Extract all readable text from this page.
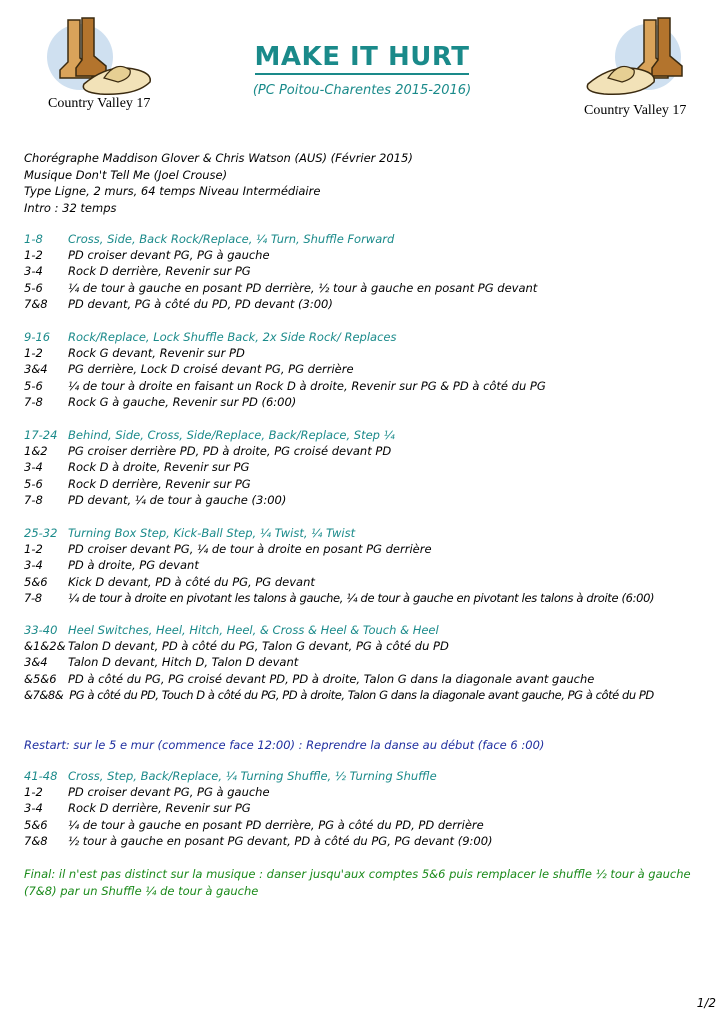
Country Valley 17	Country Valley 17
MAKE IT HURT
(PC Poitou-Charentes 2015-2016)
Chorégraphe Maddison Glover & Chris Watson (AUS) (Février 2015)
Musique Don't Tell Me (Joel Crouse)
Type Ligne, 2 murs, 64 temps Niveau Intermédiaire
Intro : 32 temps
1-8	Cross, Side, Back Rock/Replace, ¼ Turn, Shuffle Forward
1-2	PD croiser devant PG, PG à gauche
3-4	Rock D derrière, Revenir sur PG
5-6	¼ de tour à gauche en posant PD derrière, ½ tour à gauche en posant PG devant
7&8	PD devant, PG à côté du PD, PD devant (3:00)
9-16	Rock/Replace, Lock Shuffle Back, 2x Side Rock/ Replaces
1-2	Rock G devant, Revenir sur PD
3&4	PG derrière, Lock D croisé devant PG, PG derrière
5-6	¼ de tour à droite en faisant un Rock D à droite, Revenir sur PG & PD à côté du PG
7-8	Rock G à gauche, Revenir sur PD (6:00)
17-24 Behind, Side, Cross, Side/Replace, Back/Replace, Step ¼
1&2	PG croiser derrière PD, PD à droite, PG croisé devant PD
3-4	Rock D à droite, Revenir sur PG
5-6	Rock D derrière, Revenir sur PG
7-8	PD devant, ¼ de tour à gauche (3:00)
25-32 Turning Box Step, Kick-Ball Step, ¼ Twist, ¼ Twist
1-2	PD croiser devant PG, ¼ de tour à droite en posant PG derrière
3-4	PD à droite, PG devant
5&6	Kick D devant, PD à côté du PG, PG devant
7-8	¼ de tour à droite en pivotant les talons à gauche, ¼ de tour à gauche en pivotant les talons à droite (6:00)
33-40 Heel Switches, Heel, Hitch, Heel, & Cross & Heel & Touch & Heel
&1&2& Talon D devant, PD à côté du PG, Talon G devant, PG à côté du PD
3&4	Talon D devant, Hitch D, Talon D devant
&5&6 PD à côté du PG, PG croisé devant PD, PD à droite, Talon G dans la diagonale avant gauche
&7&8& PG à côté du PD, Touch D à côté du PG, PD à droite, Talon G dans la diagonale avant gauche, PG à côté du PD
Restart: sur le 5 e mur (commence face 12:00) : Reprendre la danse au début (face 6 :00)
41-48 Cross, Step, Back/Replace, ¼ Turning Shuffle, ½ Turning Shuffle
1-2	PD croiser devant PG, PG à gauche
3-4	Rock D derrière, Revenir sur PG
5&6	¼ de tour à gauche en posant PD derrière, PG à côté du PD, PD derrière
7&8	½ tour à gauche en posant PG devant, PD à côté du PG, PG devant (9:00)
Final: il n'est pas distinct sur la musique : danser jusqu'aux comptes 5&6 puis remplacer le shuffle ½ tour à gauche (7&8) par un Shuffle ¼ de tour à gauche
1/2
